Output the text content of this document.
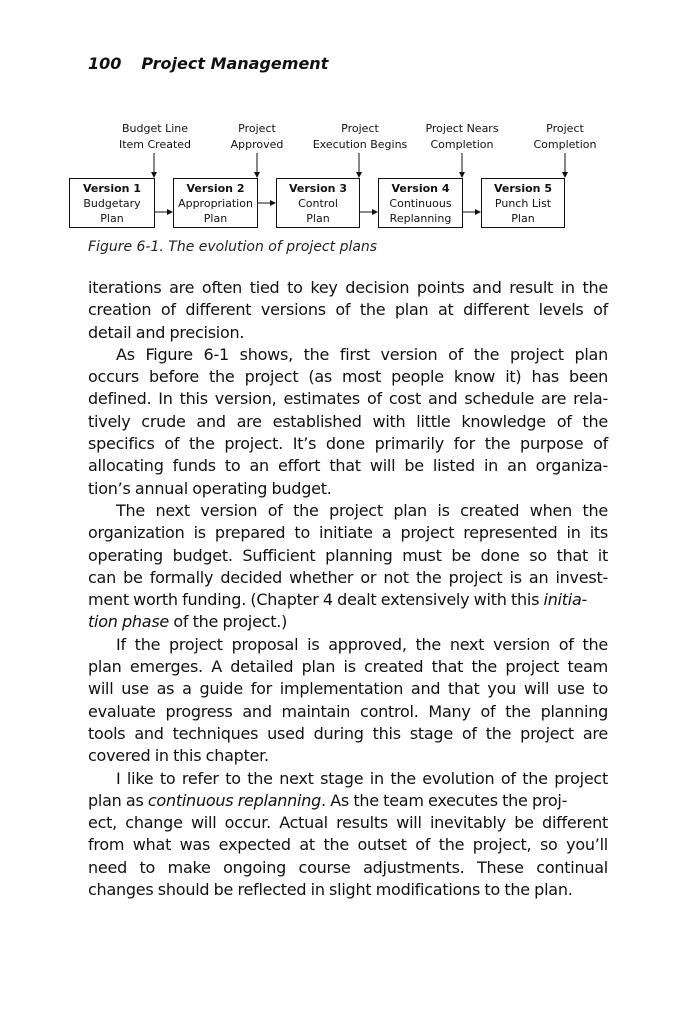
100 Project Management
Budget Line
Item Created
Project
Approved
Project
Execution Begins
Project Nears
Completion
Project
Completion
Version 1
Budgetary
Plan
Version 2
Appropriation
Plan
Version 3
Control
Plan
Version 4
Continuous
Replanning
Version 5
Punch List
Plan
Figure 6-1. The evolution of project plans

iterations are often tied to key decision points and result in the
creation of different versions of the plan at different levels of
detail and precision.

As Figure 6-1 shows, the first version of the project plan
occurs before the project (as most people know it) has been
defined. In this version, estimates of cost and schedule are rela-
tively crude and are established with little knowledge of the
specifics of the project. It’s done primarily for the purpose of
allocating funds to an effort that will be listed in an organiza-
tion’s annual operating budget.

The next version of the project plan is created when the
organization is prepared to initiate a project represented in its
operating budget. Sufficient planning must be done so that it
can be formally decided whether or not the project is an invest-
ment worth funding. (Chapter 4 dealt extensively with this initia-
tion phase of the project.)

If the project proposal is approved, the next version of the
plan emerges. A detailed plan is created that the project team
will use as a guide for implementation and that you will use to
evaluate progress and maintain control. Many of the planning
tools and techniques used during this stage of the project are
covered in this chapter.

I like to refer to the next stage in the evolution of the project
plan as continuous replanning. As the team executes the proj-
ect, change will occur. Actual results will inevitably be different
from what was expected at the outset of the project, so you’ll
need to make ongoing course adjustments. These continual
changes should be reflected in slight modifications to the plan.
